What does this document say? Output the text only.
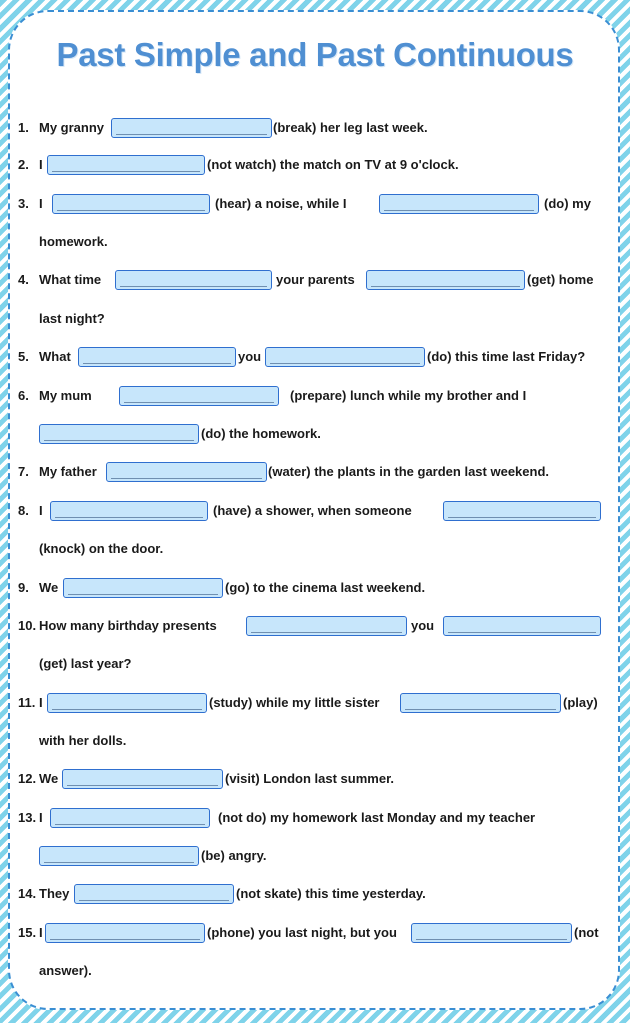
Past Simple and Past Continuous
1. My granny	(break) her leg last week.
2. I	(not watch) the match on TV at 9 o'clock.
3. I	(hear) a noise, while I	(do) my
homework.
4. What time	your parents	(get) home
last night?
5. What	you	(do) this time last Friday?
6. My mum	(prepare) lunch while my brother and I
(do) the homework.
7. My father	(water) the plants in the garden last weekend.
8. I	(have) a shower, when someone
(knock) on the door.
9. We	(go) to the cinema last weekend.
10. How many birthday presents	you
(get) last year?
11. I	(study) while my little sister	(play)
with her dolls.
12. We	(visit) London last summer.
13. I	(not do) my homework last Monday and my teacher
(be) angry.
14. They	(not skate) this time yesterday.
15. I	(phone) you last night, but you	(not
answer).
